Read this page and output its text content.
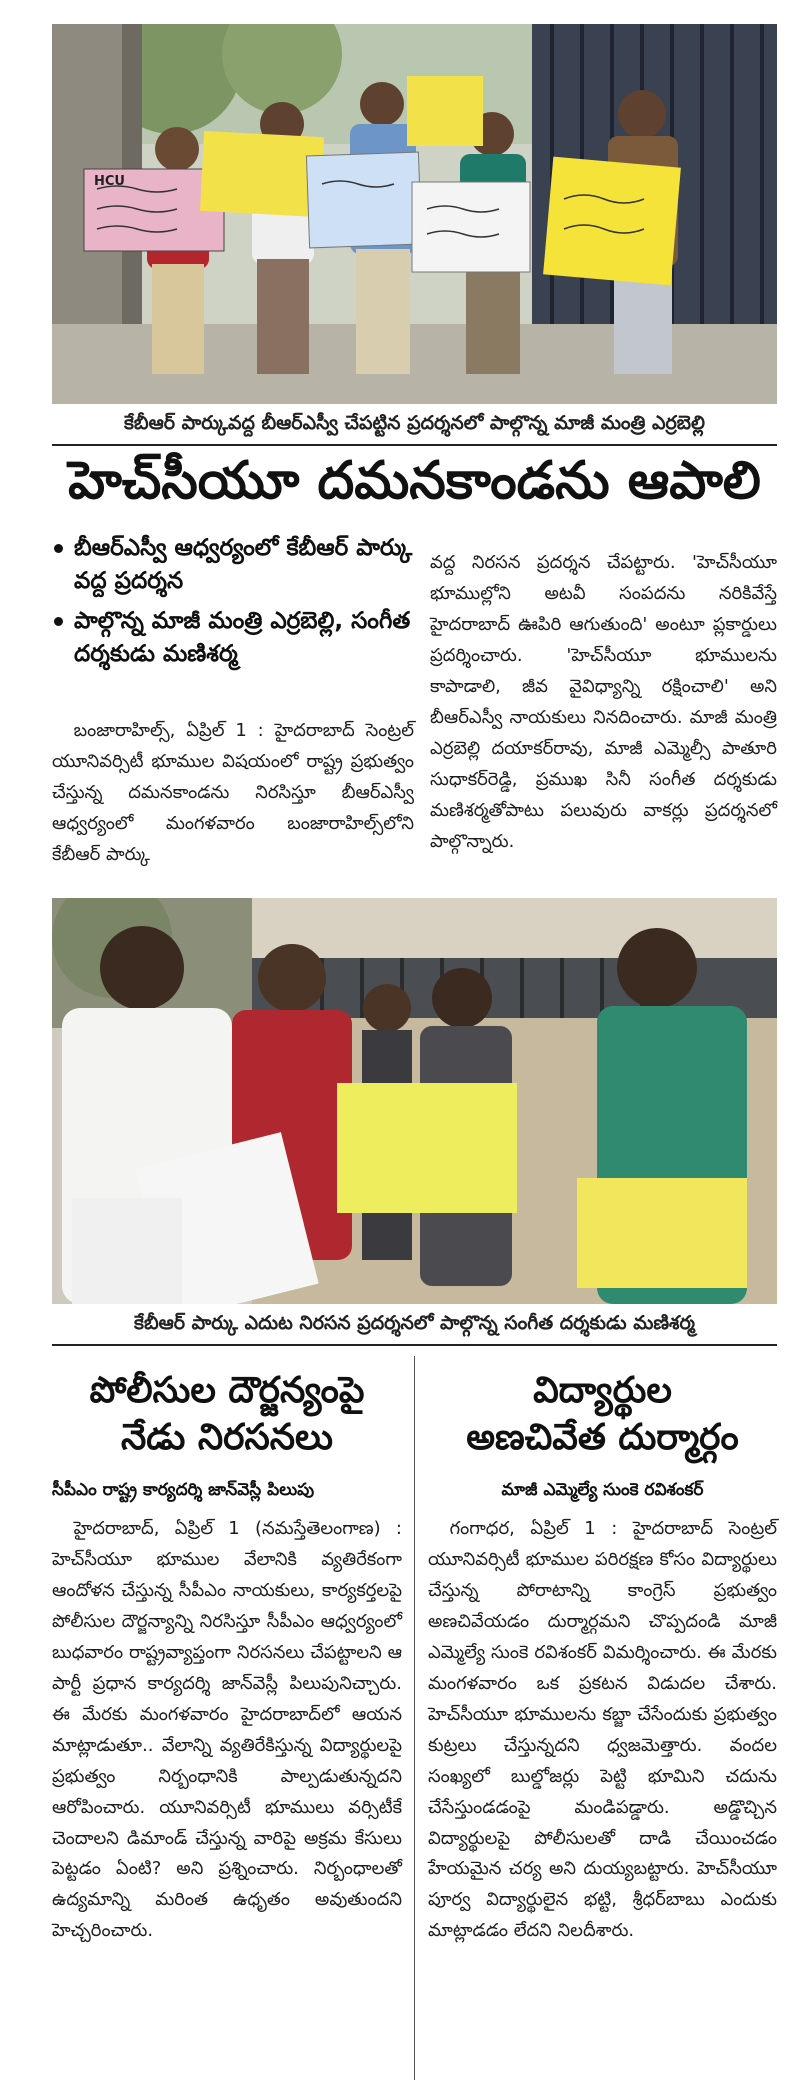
HCU
కేబీఆర్ పార్కువద్ద బీఆర్ఎస్వీ చేపట్టిన ప్రదర్శనలో పాల్గొన్న మాజీ మంత్రి ఎర్రబెల్లి
హెచ్‌సీయూ దమనకాండను ఆపాలి
బీఆర్ఎస్వీ ఆధ్వర్యంలో కేబీఆర్ పార్కు వద్ద ప్రదర్శన
పాల్గొన్న మాజీ మంత్రి ఎర్రబెల్లి, సంగీత దర్శకుడు మణిశర్మ
బంజారాహిల్స్, ఏప్రిల్ 1 : హైదరాబాద్ సెంట్రల్ యూనివర్సిటీ భూముల విషయంలో రాష్ట్ర ప్రభుత్వం చేస్తున్న దమనకాండను నిరసిస్తూ బీఆర్ఎస్వీ ఆధ్వర్యంలో మంగళవారం బంజారాహిల్స్‌లోని కేబీఆర్ పార్కు
వద్ద నిరసన ప్రదర్శన చేపట్టారు. 'హెచ్‌సీయూ భూముల్లోని అటవీ సంపదను నరికివేస్తే హైదరాబాద్ ఊపిరి ఆగుతుంది' అంటూ ప్లకార్డులు ప్రదర్శించారు. 'హెచ్‌సీయూ భూములను కాపాడాలి, జీవ వైవిధ్యాన్ని రక్షించాలి' అని బీఆర్ఎస్వీ నాయకులు నినదించారు. మాజీ మంత్రి ఎర్రబెల్లి దయాకర్‌రావు, మాజీ ఎమ్మెల్సీ పాతూరి సుధాకర్‌రెడ్డి, ప్రముఖ సినీ సంగీత దర్శకుడు మణిశర్మతోపాటు పలువురు వాకర్లు ప్రదర్శనలో పాల్గొన్నారు.
కేబీఆర్ పార్కు ఎదుట నిరసన ప్రదర్శనలో పాల్గొన్న సంగీత దర్శకుడు మణిశర్మ
పోలీసుల దౌర్జన్యంపై
నేడు నిరసనలు
సీపీఎం రాష్ట్ర కార్యదర్శి జాన్‌వెస్లీ పిలుపు
హైదరాబాద్, ఏప్రిల్ 1 (నమస్తేతెలంగాణ) : హెచ్‌సీయూ భూముల వేలానికి వ్యతిరేకంగా ఆందోళన చేస్తున్న సీపీఎం నాయకులు, కార్యకర్తలపై పోలీసుల దౌర్జన్యాన్ని నిరసిస్తూ సీపీఎం ఆధ్వర్యంలో బుధవారం రాష్ట్రవ్యాప్తంగా నిరసనలు చేపట్టాలని ఆ పార్టీ ప్రధాన కార్యదర్శి జాన్‌వెస్లీ పిలుపునిచ్చారు. ఈ మేరకు మంగళవారం హైదరాబాద్‌లో ఆయన మాట్లాడుతూ.. వేలాన్ని వ్యతిరేకిస్తున్న విద్యార్థులపై ప్రభుత్వం నిర్బంధానికి పాల్పడుతున్నదని ఆరోపించారు. యూనివర్సిటీ భూములు వర్సిటీకే చెందాలని డిమాండ్ చేస్తున్న వారిపై అక్రమ కేసులు పెట్టడం ఏంటి? అని ప్రశ్నించారు. నిర్బంధాలతో ఉద్యమాన్ని మరింత ఉధృతం అవుతుందని హెచ్చరించారు.
విద్యార్థుల
అణచివేత దుర్మార్గం
మాజీ ఎమ్మెల్యే సుంకె రవిశంకర్
గంగాధర, ఏప్రిల్ 1 : హైదరాబాద్ సెంట్రల్ యూనివర్సిటీ భూముల పరిరక్షణ కోసం విద్యార్థులు చేస్తున్న పోరాటాన్ని కాంగ్రెస్ ప్రభుత్వం అణచివేయడం దుర్మార్గమని చొప్పదండి మాజీ ఎమ్మెల్యే సుంకె రవిశంకర్ విమర్శించారు. ఈ మేరకు మంగళవారం ఒక ప్రకటన విడుదల చేశారు. హెచ్‌సీయూ భూములను కబ్జా చేసేందుకు ప్రభుత్వం కుట్రలు చేస్తున్నదని ధ్వజమెత్తారు. వందల సంఖ్యలో బుల్డోజర్లు పెట్టి భూమిని చదును చేసేస్తుండడంపై మండిపడ్డారు. అడ్డొచ్చిన విద్యార్థులపై పోలీసులతో దాడి చేయించడం హేయమైన చర్య అని దుయ్యబట్టారు. హెచ్‌సీయూ పూర్వ విద్యార్థులైన భట్టి, శ్రీధర్‌బాబు ఎందుకు మాట్లాడడం లేదని నిలదీశారు.
